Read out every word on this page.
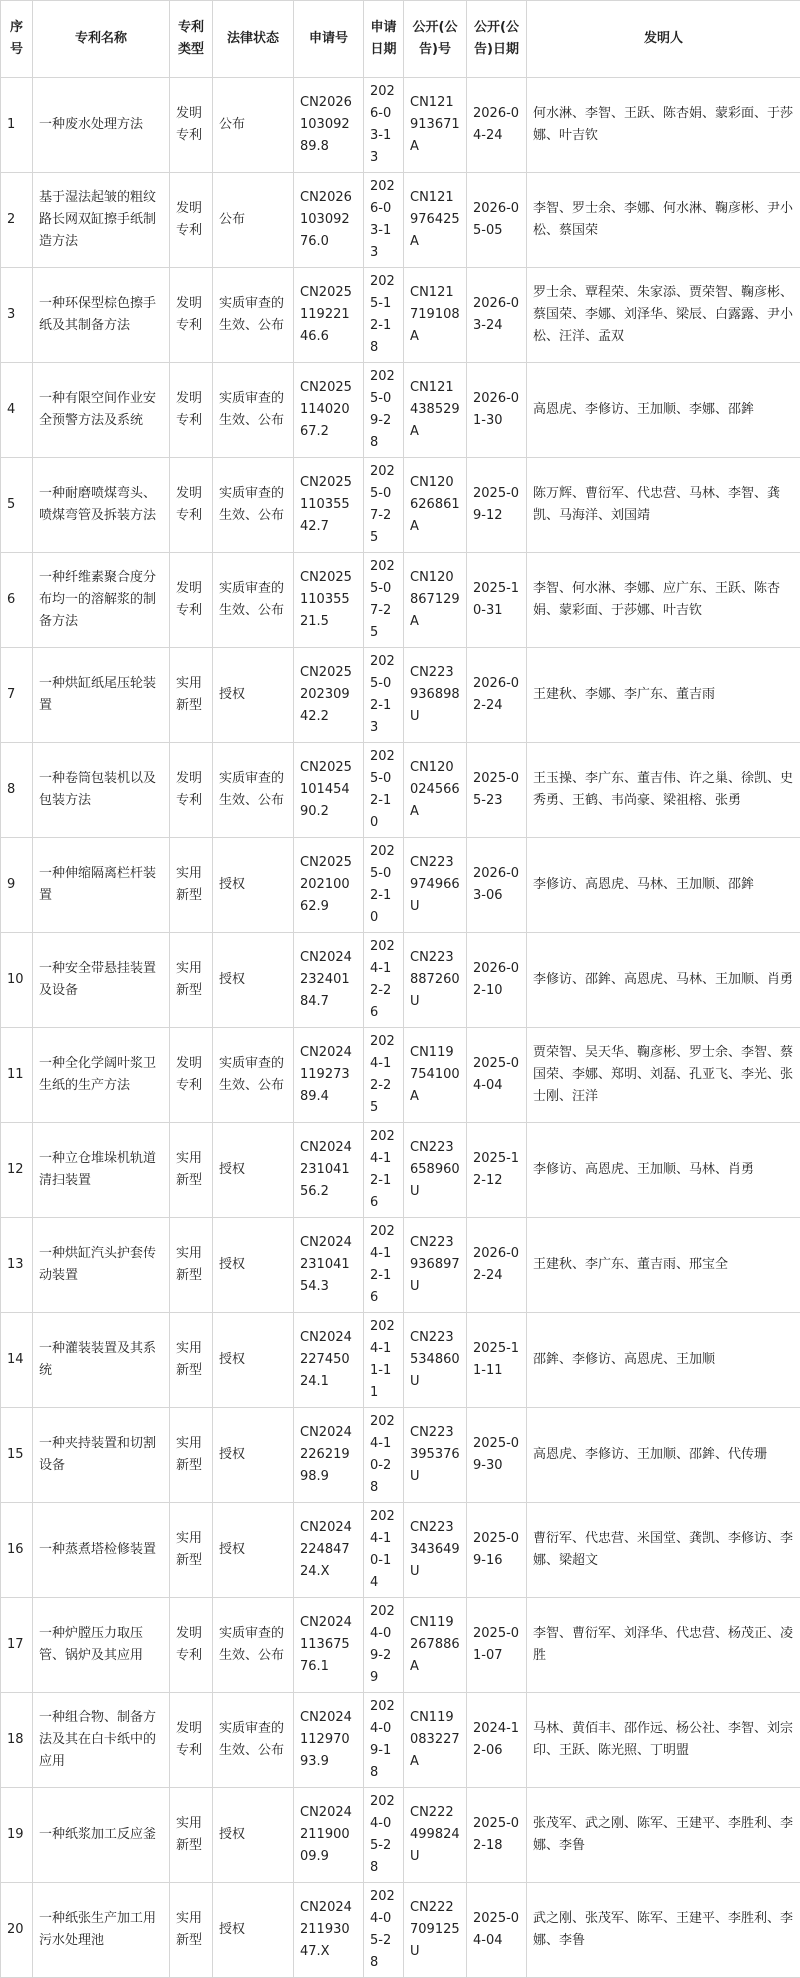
序号	专利名称	专利类型	法律状态	申请号	申请日期	公开(公告)号	公开(公告)日期	发明人
1	一种废水处理方法	发明专利	公布	CN202610309289.8	2026-03-13	CN121913671A	2026-04-24	何水淋、李智、王跃、陈杏娟、蒙彩面、于莎娜、叶吉钦
2	基于湿法起皱的粗纹路长网双缸擦手纸制造方法	发明专利	公布	CN202610309276.0	2026-03-13	CN121976425A	2026-05-05	李智、罗士余、李娜、何水淋、鞠彦彬、尹小松、蔡国荣
3	一种环保型棕色擦手纸及其制备方法	发明专利	实质审查的生效、公布	CN202511922146.6	2025-12-18	CN121719108A	2026-03-24	罗士余、覃程荣、朱家添、贾荣智、鞠彦彬、蔡国荣、李娜、刘泽华、梁辰、白露露、尹小松、汪洋、孟双
4	一种有限空间作业安全预警方法及系统	发明专利	实质审查的生效、公布	CN202511402067.2	2025-09-28	CN121438529A	2026-01-30	高恩虎、李修访、王加顺、李娜、邵鉾
5	一种耐磨喷煤弯头、喷煤弯管及拆装方法	发明专利	实质审查的生效、公布	CN202511035542.7	2025-07-25	CN120626861A	2025-09-12	陈万辉、曹衍军、代忠营、马林、李智、龚凯、马海洋、刘国靖
6	一种纤维素聚合度分布均一的溶解浆的制备方法	发明专利	实质审查的生效、公布	CN202511035521.5	2025-07-25	CN120867129A	2025-10-31	李智、何水淋、李娜、应广东、王跃、陈杏娟、蒙彩面、于莎娜、叶吉钦
7	一种烘缸纸尾压轮装置	实用新型	授权	CN202520230942.2	2025-02-13	CN223936898U	2026-02-24	王建秋、李娜、李广东、董吉雨
8	一种卷筒包装机以及包装方法	发明专利	实质审查的生效、公布	CN202510145490.2	2025-02-10	CN120024566A	2025-05-23	王玉操、李广东、董吉伟、许之巢、徐凯、史秀勇、王鹤、韦尚豪、梁祖榕、张勇
9	一种伸缩隔离栏杆装置	实用新型	授权	CN202520210062.9	2025-02-10	CN223974966U	2026-03-06	李修访、高恩虎、马林、王加顺、邵鉾
10	一种安全带悬挂装置及设备	实用新型	授权	CN202423240184.7	2024-12-26	CN223887260U	2026-02-10	李修访、邵鉾、高恩虎、马林、王加顺、肖勇
11	一种全化学阔叶浆卫生纸的生产方法	发明专利	实质审查的生效、公布	CN202411927389.4	2024-12-25	CN119754100A	2025-04-04	贾荣智、吴天华、鞠彦彬、罗士余、李智、蔡国荣、李娜、郑明、刘磊、孔亚飞、李光、张士刚、汪洋
12	一种立仓堆垛机轨道清扫装置	实用新型	授权	CN202423104156.2	2024-12-16	CN223658960U	2025-12-12	李修访、高恩虎、王加顺、马林、肖勇
13	一种烘缸汽头护套传动装置	实用新型	授权	CN202423104154.3	2024-12-16	CN223936897U	2026-02-24	王建秋、李广东、董吉雨、邢宝全
14	一种灌装装置及其系统	实用新型	授权	CN202422745024.1	2024-11-11	CN223534860U	2025-11-11	邵鉾、李修访、高恩虎、王加顺
15	一种夹持装置和切割设备	实用新型	授权	CN202422621998.9	2024-10-28	CN223395376U	2025-09-30	高恩虎、李修访、王加顺、邵鉾、代传珊
16	一种蒸煮塔检修装置	实用新型	授权	CN202422484724.X	2024-10-14	CN223343649U	2025-09-16	曹衍军、代忠营、米国堂、龚凯、李修访、李娜、梁超文
17	一种炉膛压力取压管、锅炉及其应用	发明专利	实质审查的生效、公布	CN202411367576.1	2024-09-29	CN119267886A	2025-01-07	李智、曹衍军、刘泽华、代忠营、杨茂正、凌胜
18	一种组合物、制备方法及其在白卡纸中的应用	发明专利	实质审查的生效、公布	CN202411297093.9	2024-09-18	CN119083227A	2024-12-06	马林、黄佰丰、邵作远、杨公社、李智、刘宗印、王跃、陈光照、丁明盟
19	一种纸浆加工反应釜	实用新型	授权	CN202421190009.9	2024-05-28	CN222499824U	2025-02-18	张茂军、武之刚、陈军、王建平、李胜利、李娜、李鲁
20	一种纸张生产加工用污水处理池	实用新型	授权	CN202421193047.X	2024-05-28	CN222709125U	2025-04-04	武之刚、张茂军、陈军、王建平、李胜利、李娜、李鲁
